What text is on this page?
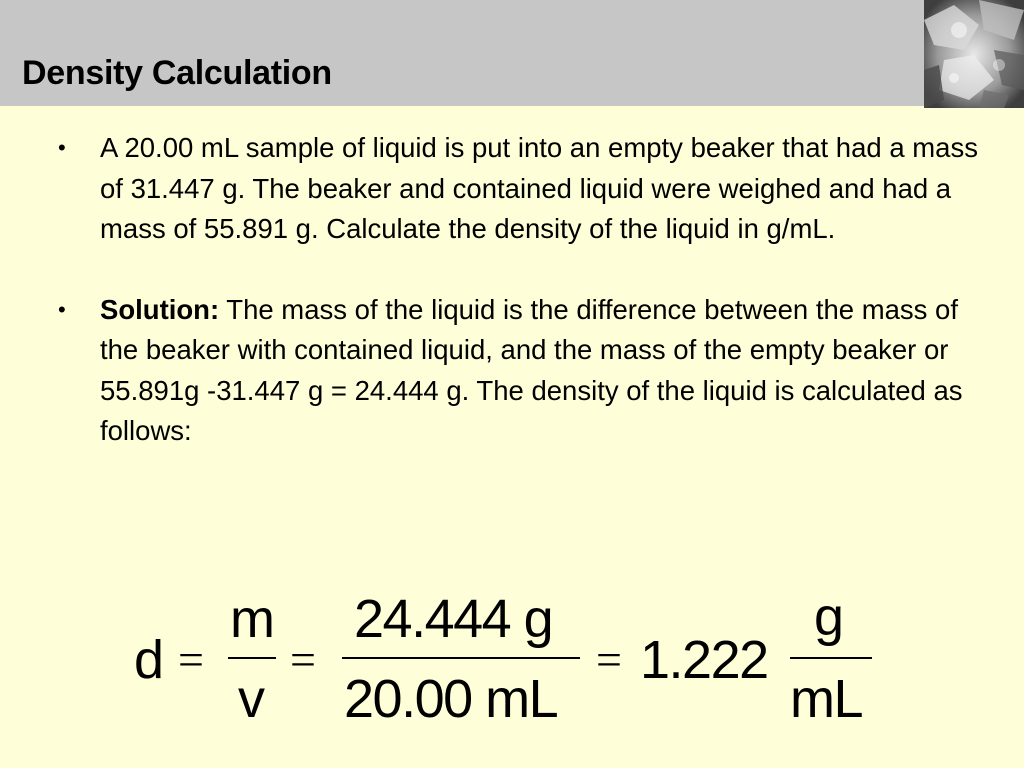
Density Calculation
• A 20.00 mL sample of liquid is put into an empty beaker that had a mass of 31.447 g. The beaker and contained liquid were weighed and had a mass of 55.891 g. Calculate the density of the liquid in g/mL.
• Solution: The mass of the liquid is the difference between the mass of the beaker with contained liquid, and the mass of the empty beaker or 55.891g -31.447 g = 24.444 g. The density of the liquid is calculated as follows:
d =
m
v
=
24.444 g
20.00 mL
= 1.222
g
mL
